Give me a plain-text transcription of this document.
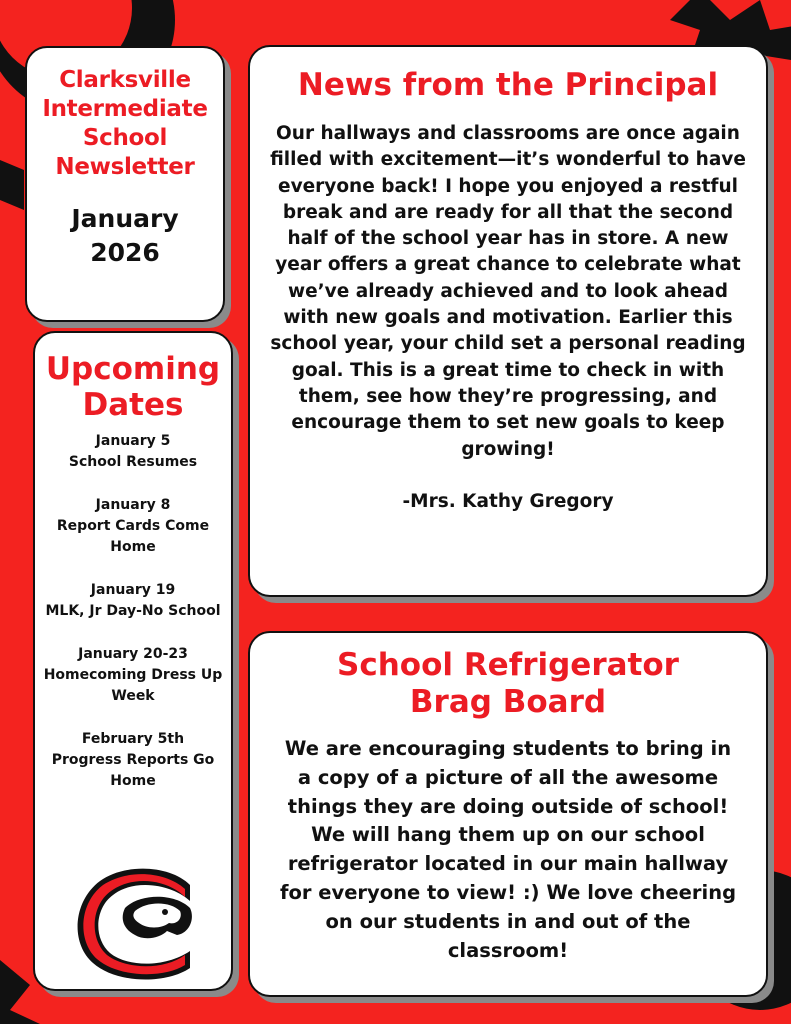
Clarksville
Intermediate
School
Newsletter
January
2026
Upcoming
Dates
January 5
School Resumes
January 8
Report Cards Come
Home
January 19
MLK, Jr Day-No School
January 20-23
Homecoming Dress Up
Week
February 5th
Progress Reports Go
Home
News from the Principal
Our hallways and classrooms are once again filled with excitement—it’s wonderful to have everyone back! I hope you enjoyed a restful break and are ready for all that the second half of the school year has in store. A new year offers a great chance to celebrate what we’ve already achieved and to look ahead with new goals and motivation. Earlier this school year, your child set a personal reading goal. This is a great time to check in with them, see how they’re progressing, and encourage them to set new goals to keep growing!
-Mrs. Kathy Gregory
School Refrigerator
Brag Board
We are encouraging students to bring in a copy of a picture of all the awesome things they are doing outside of school! We will hang them up on our school refrigerator located in our main hallway for everyone to view! :) We love cheering on our students in and out of the classroom!
